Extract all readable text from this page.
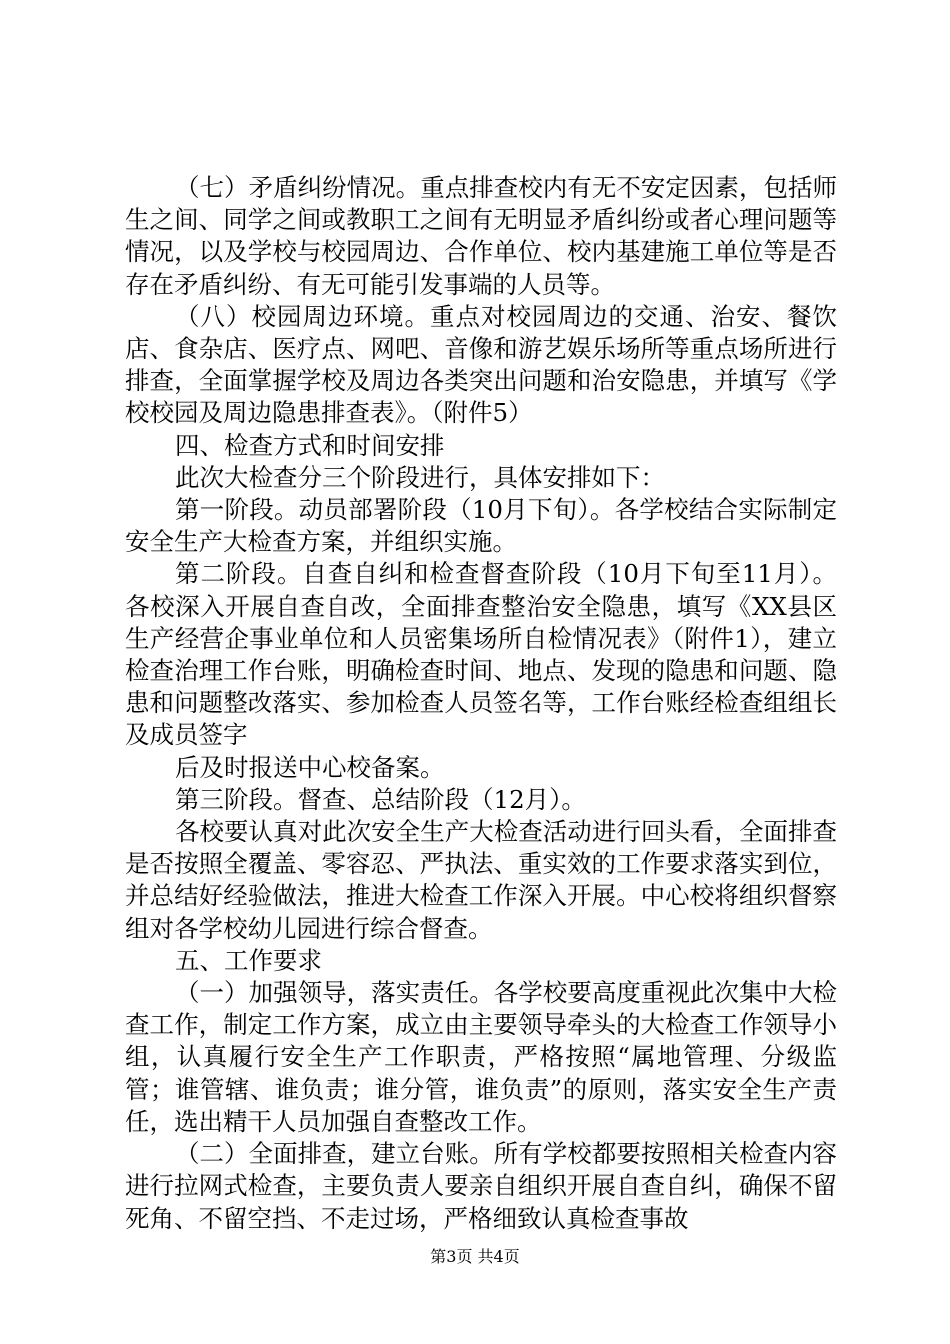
（七）矛盾纠纷情况。重点排查校内有无不安定因素，包括师生之间、同学之间或教职工之间有无明显矛盾纠纷或者心理问题等情况，以及学校与校园周边、合作单位、校内基建施工单位等是否存在矛盾纠纷、有无可能引发事端的人员等。

（八）校园周边环境。重点对校园周边的交通、治安、餐饮店、食杂店、医疗点、网吧、音像和游艺娱乐场所等重点场所进行排查，全面掌握学校及周边各类突出问题和治安隐患，并填写《学校校园及周边隐患排查表》。（附件5）

四、检查方式和时间安排

此次大检查分三个阶段进行，具体安排如下：

第一阶段。动员部署阶段（10月下旬）。各学校结合实际制定安全生产大检查方案，并组织实施。

第二阶段。自查自纠和检查督查阶段（10月下旬至11月）。各校深入开展自查自改，全面排查整治安全隐患，填写《XX县区生产经营企事业单位和人员密集场所自检情况表》（附件1），建立检查治理工作台账，明确检查时间、地点、发现的隐患和问题、隐患和问题整改落实、参加检查人员签名等，工作台账经检查组组长及成员签字

后及时报送中心校备案。

第三阶段。督查、总结阶段（12月）。

各校要认真对此次安全生产大检查活动进行回头看，全面排查是否按照全覆盖、零容忍、严执法、重实效的工作要求落实到位，并总结好经验做法，推进大检查工作深入开展。中心校将组织督察组对各学校幼儿园进行综合督查。

五、工作要求

（一）加强领导，落实责任。各学校要高度重视此次集中大检查工作，制定工作方案，成立由主要领导牵头的大检查工作领导小组，认真履行安全生产工作职责，严格按照“属地管理、分级监管；谁管辖、谁负责；谁分管，谁负责”的原则，落实安全生产责任，选出精干人员加强自查整改工作。

（二）全面排查，建立台账。所有学校都要按照相关检查内容进行拉网式检查，主要负责人要亲自组织开展自查自纠，确保不留死角、不留空挡、不走过场，严格细致认真检查事故

第3页 共4页
